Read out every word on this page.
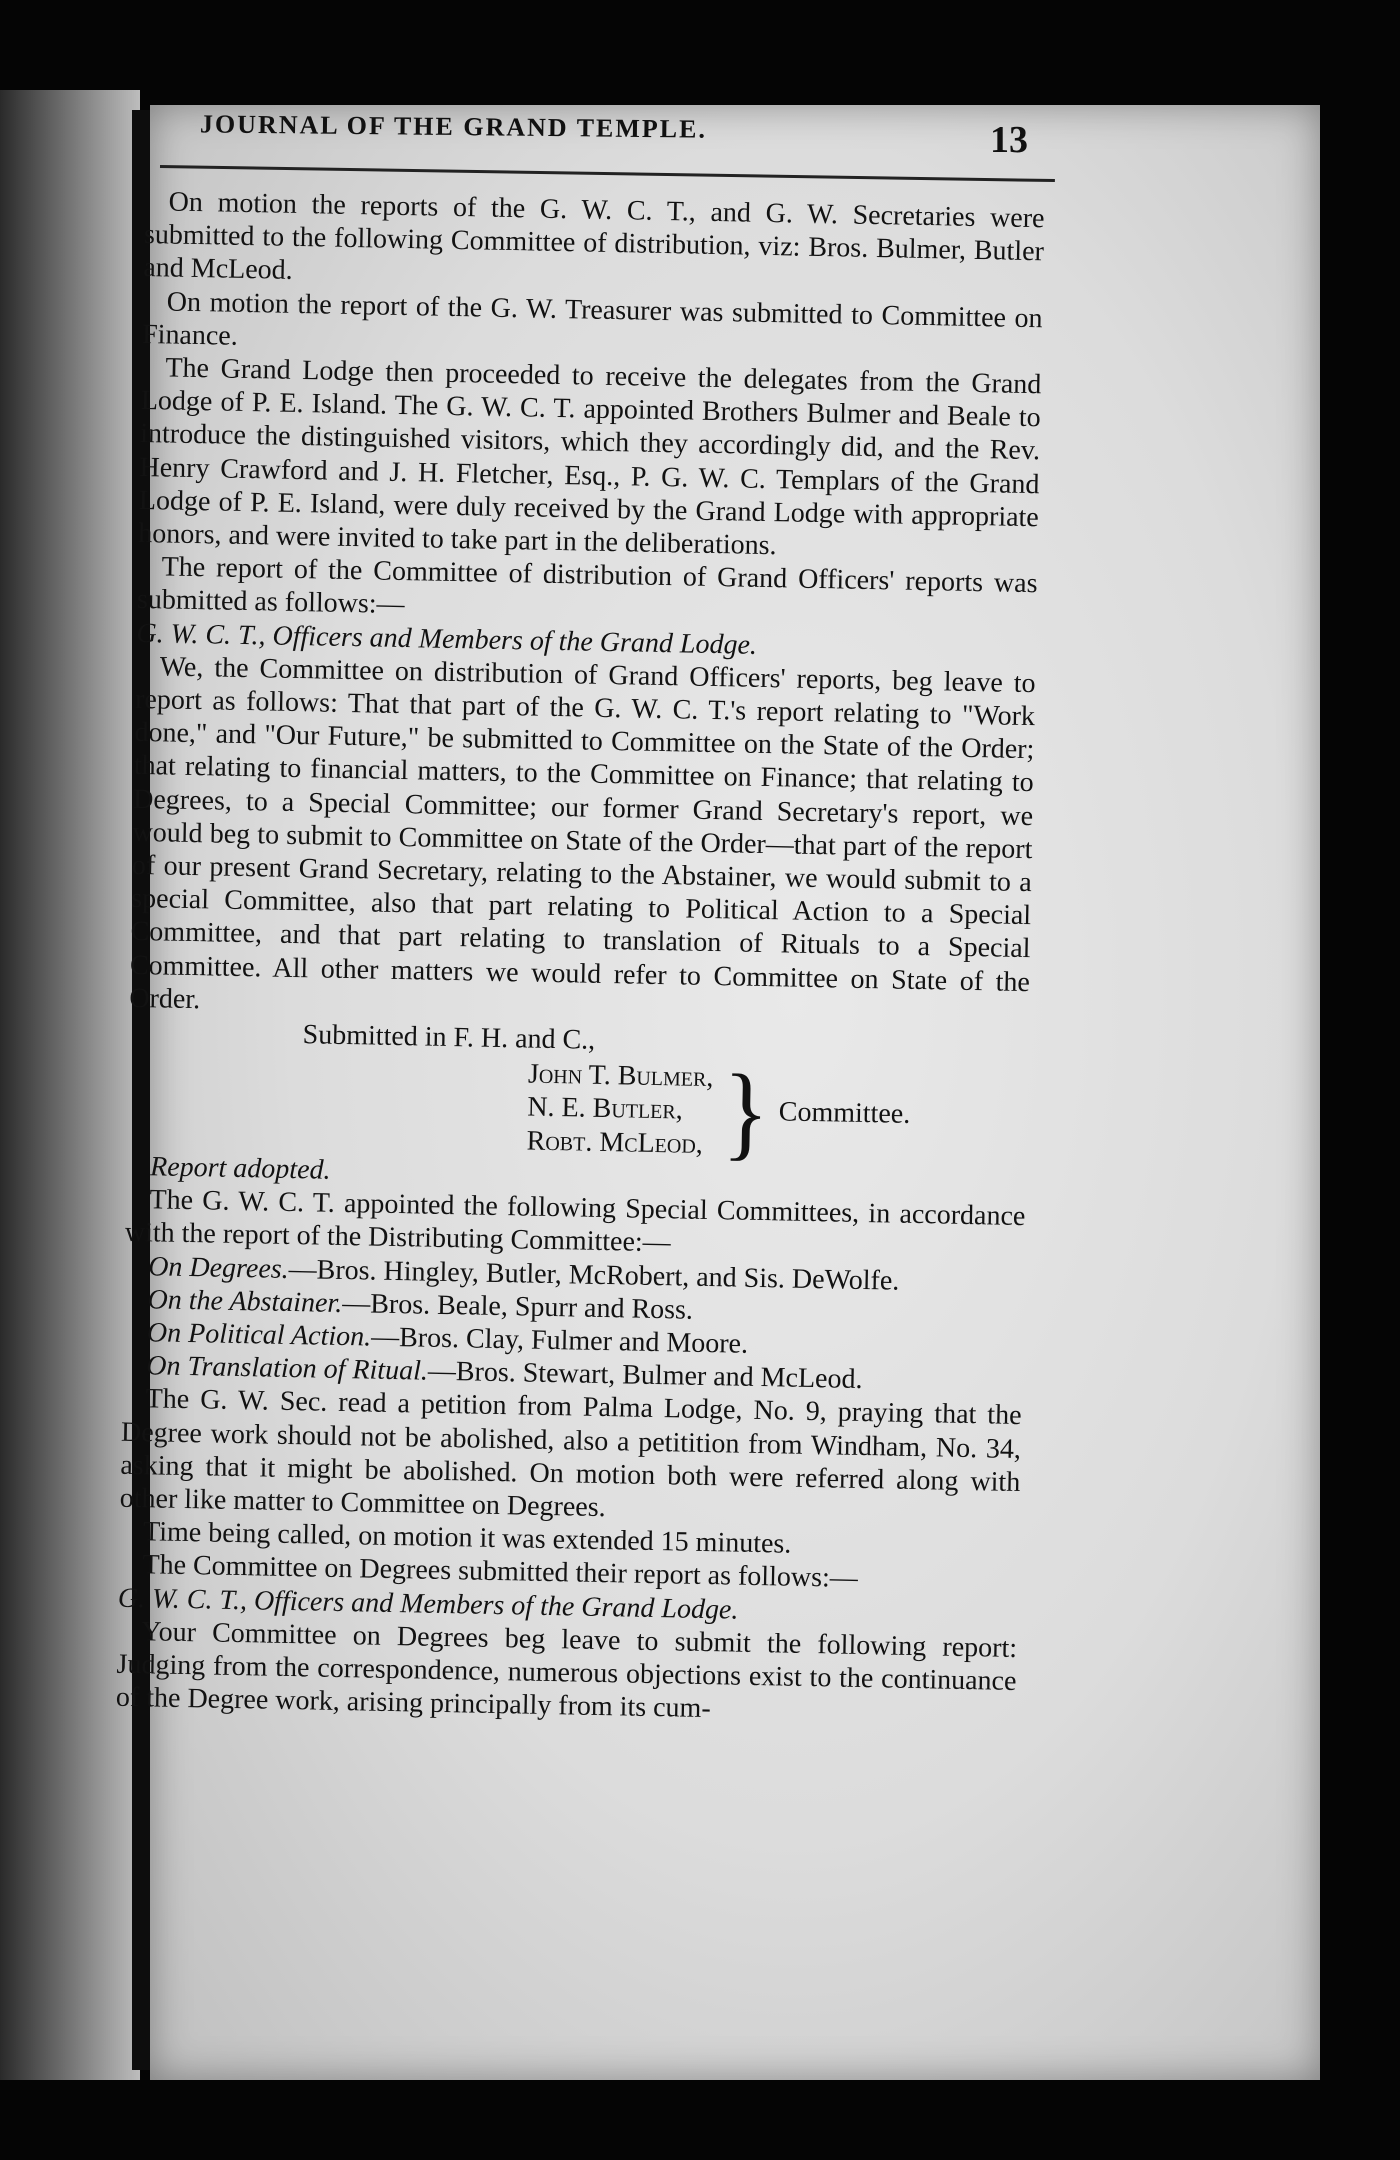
JOURNAL OF THE GRAND TEMPLE.	13

On motion the reports of the G. W. C. T., and G. W. Secretaries were submitted to the following Committee of distribution, viz: Bros. Bulmer, Butler and McLeod.

On motion the report of the G. W. Treasurer was submitted to Committee on Finance.

The Grand Lodge then proceeded to receive the delegates from the Grand Lodge of P. E. Island. The G. W. C. T. appointed Brothers Bulmer and Beale to introduce the distinguished visitors, which they accordingly did, and the Rev. Henry Crawford and J. H. Fletcher, Esq., P. G. W. C. Templars of the Grand Lodge of P. E. Island, were duly received by the Grand Lodge with appropriate honors, and were invited to take part in the deliberations.

The report of the Committee of distribution of Grand Officers' reports was submitted as follows:—

G. W. C. T., Officers and Members of the Grand Lodge.

We, the Committee on distribution of Grand Officers' reports, beg leave to report as follows: That that part of the G. W. C. T.'s report relating to "Work done," and "Our Future," be submitted to Committee on the State of the Order; that relating to financial matters, to the Committee on Finance; that relating to Degrees, to a Special Committee; our former Grand Secretary's report, we would beg to submit to Committee on State of the Order—that part of the report of our present Grand Secretary, relating to the Abstainer, we would submit to a special Committee, also that part relating to Political Action to a Special Committee, and that part relating to translation of Rituals to a Special Committee. All other matters we would refer to Committee on State of the Order.

Submitted in F. H. and C.,

John T. Bulmer,
N. E. Butler,
Robt. McLeod, } Committee.

Report adopted.

The G. W. C. T. appointed the following Special Committees, in accordance with the report of the Distributing Committee:—

On Degrees.—Bros. Hingley, Butler, McRobert, and Sis. DeWolfe.

On the Abstainer.—Bros. Beale, Spurr and Ross.

On Political Action.—Bros. Clay, Fulmer and Moore.

On Translation of Ritual.—Bros. Stewart, Bulmer and McLeod.

The G. W. Sec. read a petition from Palma Lodge, No. 9, praying that the Degree work should not be abolished, also a petitition from Windham, No. 34, asking that it might be abolished. On motion both were referred along with other like matter to Committee on Degrees.

Time being called, on motion it was extended 15 minutes.

The Committee on Degrees submitted their report as follows:—

G. W. C. T., Officers and Members of the Grand Lodge.

Your Committee on Degrees beg leave to submit the following report: Judging from the correspondence, numerous objections exist to the continuance of the Degree work, arising principally from its cum-
